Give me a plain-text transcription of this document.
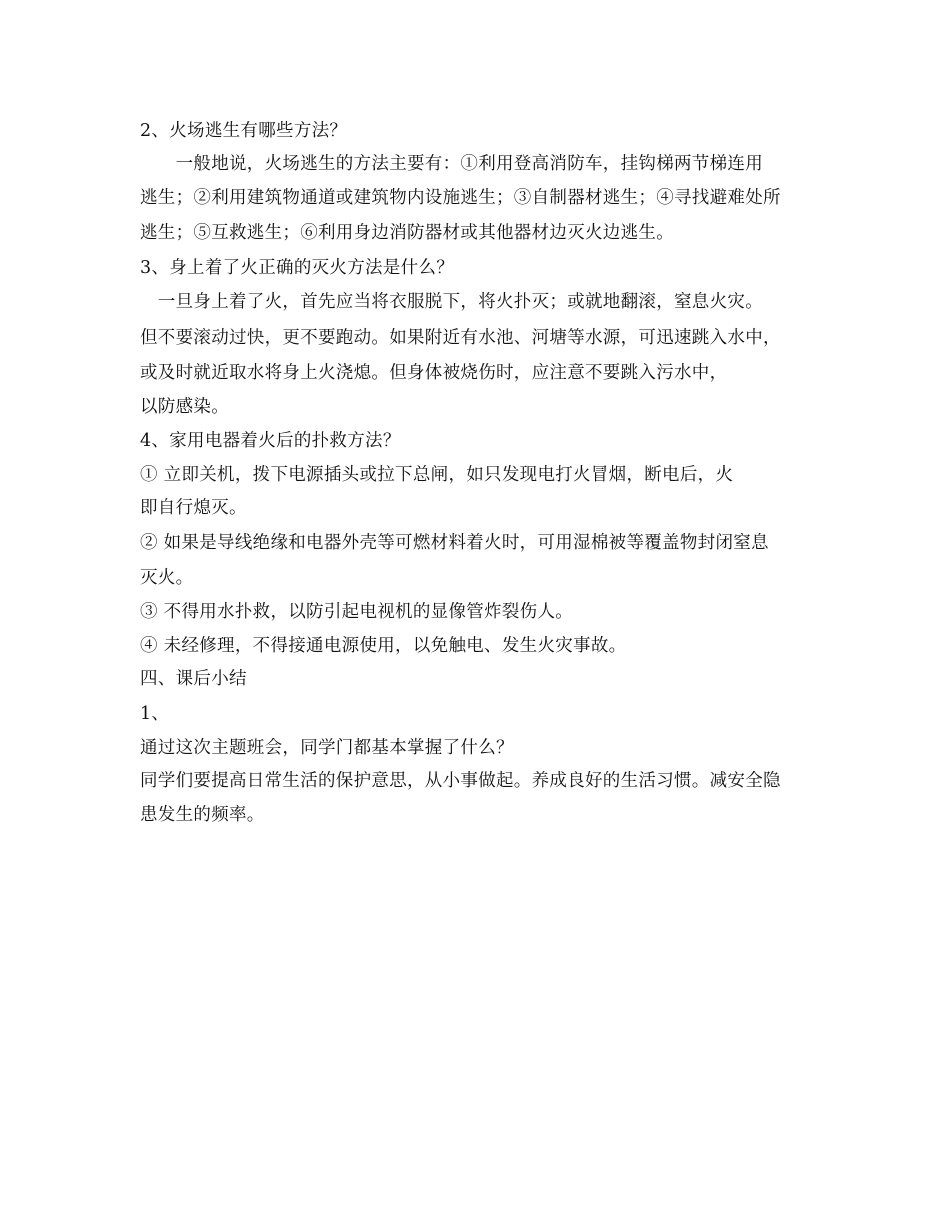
2、火场逃生有哪些方法？
　　一般地说，火场逃生的方法主要有：①利用登高消防车，挂钩梯两节梯连用
逃生；②利用建筑物通道或建筑物内设施逃生；③自制器材逃生；④寻找避难处所
逃生；⑤互救逃生；⑥利用身边消防器材或其他器材边灭火边逃生。
3、身上着了火正确的灭火方法是什么？
　一旦身上着了火，首先应当将衣服脱下，将火扑灭；或就地翻滚，窒息火灾。
但不要滚动过快，更不要跑动。如果附近有水池、河塘等水源，可迅速跳入水中，
或及时就近取水将身上火浇熄。但身体被烧伤时，应注意不要跳入污水中，
以防感染。
4、家用电器着火后的扑救方法？
① 立即关机，拨下电源插头或拉下总闸，如只发现电打火冒烟，断电后，火
即自行熄灭。
② 如果是导线绝缘和电器外壳等可燃材料着火时，可用湿棉被等覆盖物封闭窒息
灭火。
③ 不得用水扑救，以防引起电视机的显像管炸裂伤人。
④ 未经修理，不得接通电源使用，以免触电、发生火灾事故。
四、课后小结
1、
通过这次主题班会，同学门都基本掌握了什么？
同学们要提高日常生活的保护意思，从小事做起。养成良好的生活习惯。减安全隐
患发生的频率。
